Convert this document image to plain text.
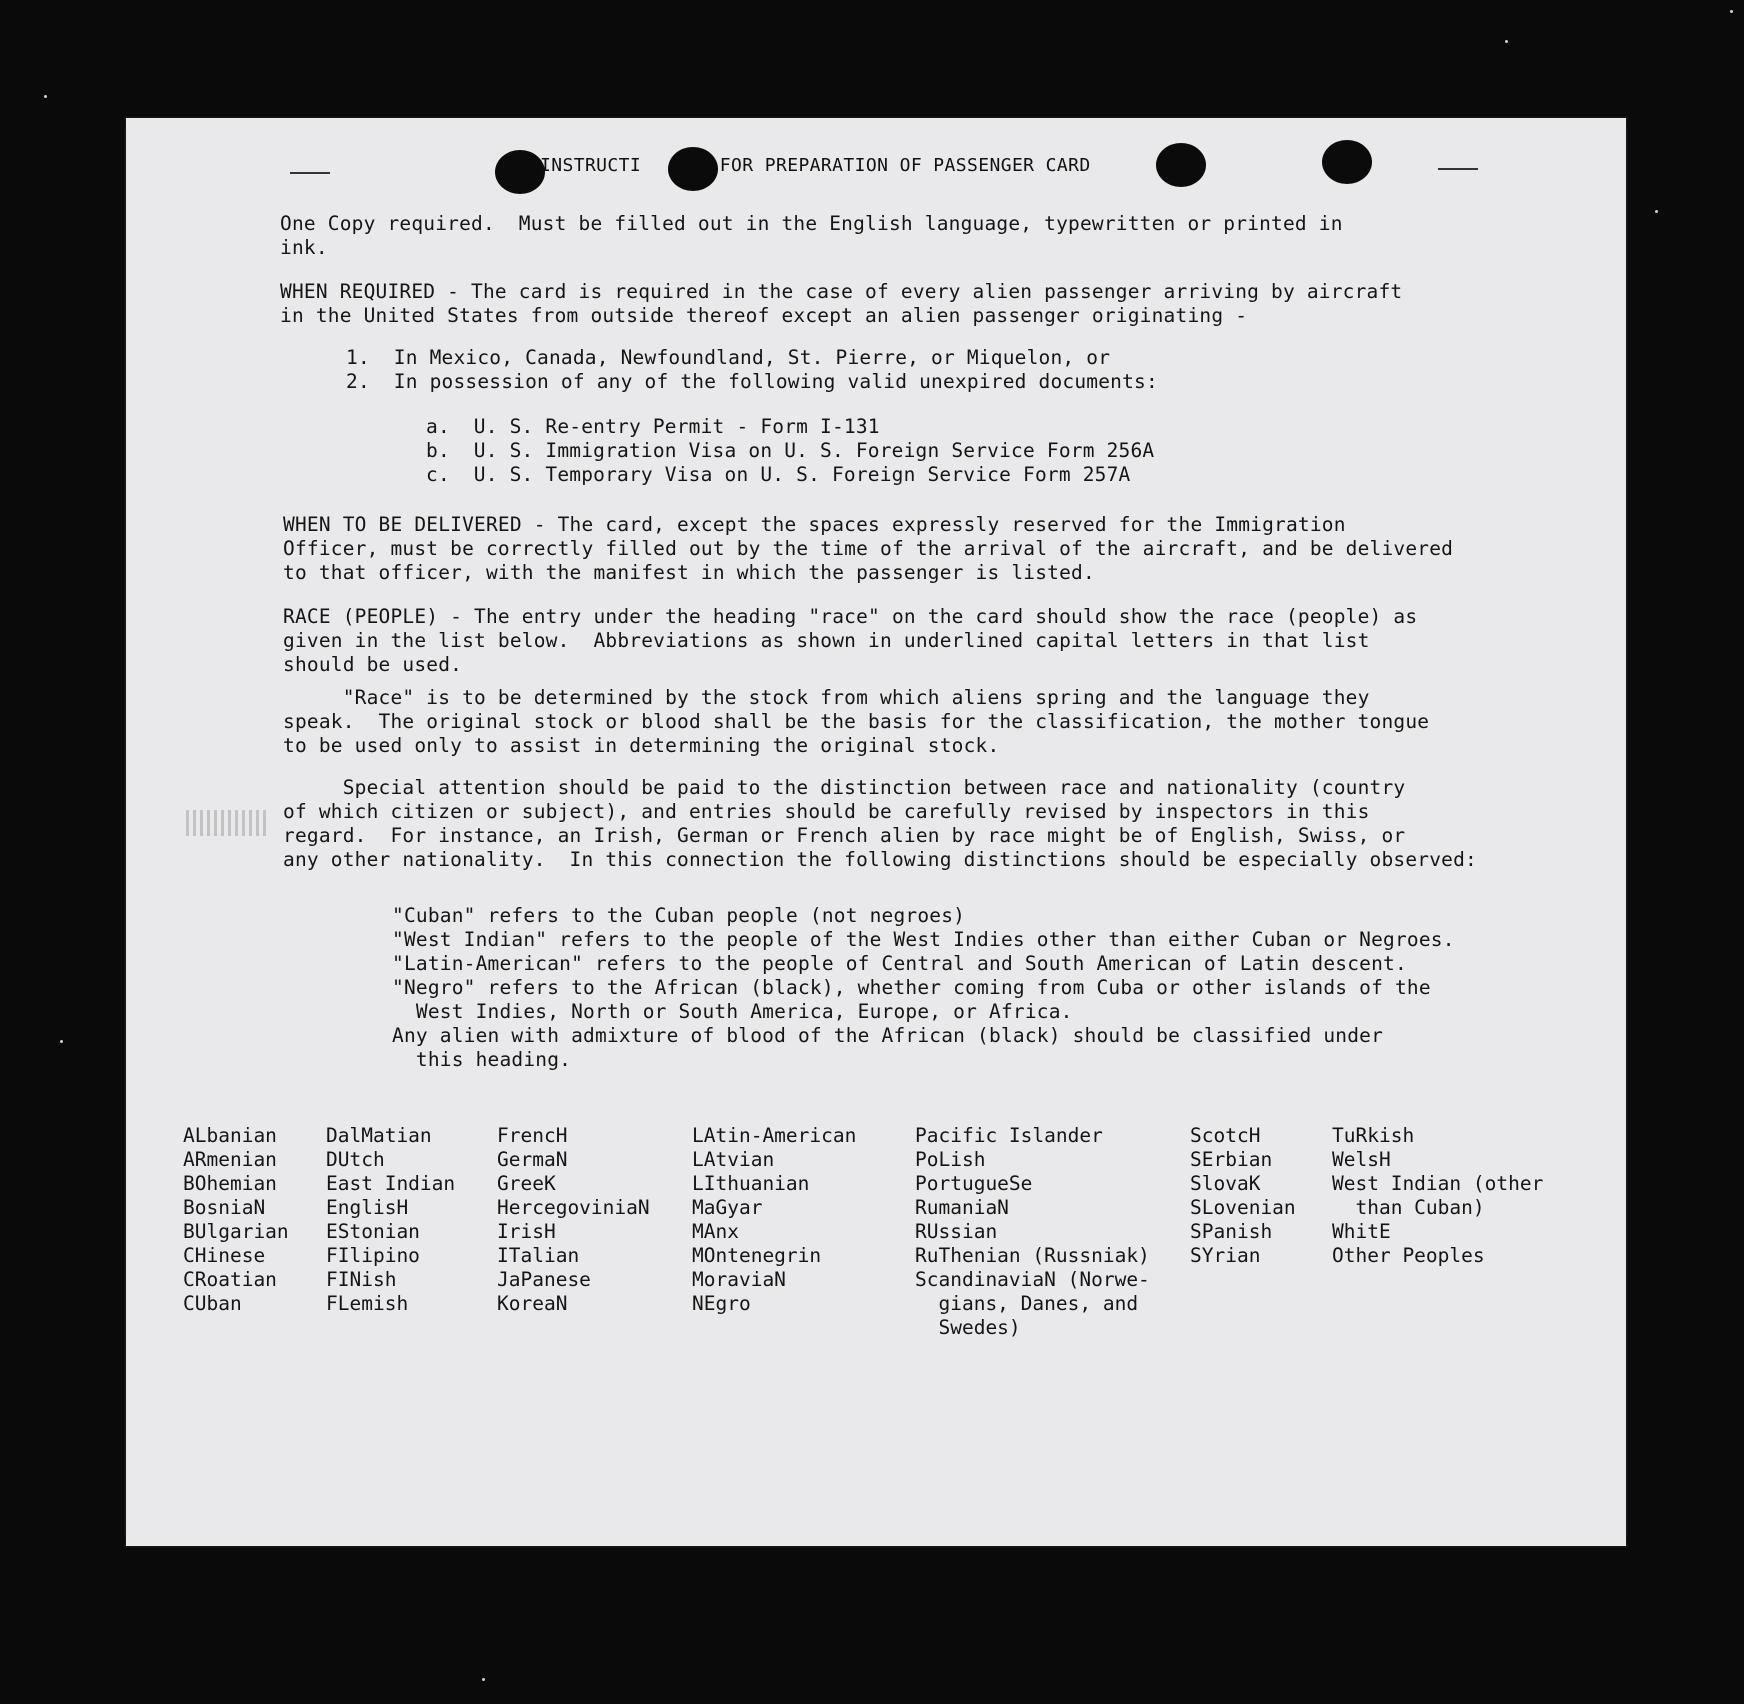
INSTRUCTI       FOR PREPARATION OF PASSENGER CARD
One Copy required.  Must be filled out in the English language, typewritten or printed in
ink.
WHEN REQUIRED - The card is required in the case of every alien passenger arriving by aircraft
in the United States from outside thereof except an alien passenger originating -
1.  In Mexico, Canada, Newfoundland, St. Pierre, or Miquelon, or
2.  In possession of any of the following valid unexpired documents:
a.  U. S. Re-entry Permit - Form I-131
b.  U. S. Immigration Visa on U. S. Foreign Service Form 256A
c.  U. S. Temporary Visa on U. S. Foreign Service Form 257A
WHEN TO BE DELIVERED - The card, except the spaces expressly reserved for the Immigration
Officer, must be correctly filled out by the time of the arrival of the aircraft, and be delivered
to that officer, with the manifest in which the passenger is listed.
RACE (PEOPLE) - The entry under the heading "race" on the card should show the race (people) as
given in the list below.  Abbreviations as shown in underlined capital letters in that list
should be used.
"Race" is to be determined by the stock from which aliens spring and the language they
speak.  The original stock or blood shall be the basis for the classification, the mother tongue
to be used only to assist in determining the original stock.
Special attention should be paid to the distinction between race and nationality (country
of which citizen or subject), and entries should be carefully revised by inspectors in this
regard.  For instance, an Irish, German or French alien by race might be of English, Swiss, or
any other nationality.  In this connection the following distinctions should be especially observed:
"Cuban" refers to the Cuban people (not negroes)
"West Indian" refers to the people of the West Indies other than either Cuban or Negroes.
"Latin-American" refers to the people of Central and South American of Latin descent.
"Negro" refers to the African (black), whether coming from Cuba or other islands of the
West Indies, North or South America, Europe, or Africa.
Any alien with admixture of blood of the African (black) should be classified under
this heading.
ALbanian
ARmenian
BOhemian
BosniaN
BUlgarian
CHinese
CRoatian
CUban
DalMatian
DUtch
East Indian
EnglisH
EStonian
FIlipino
FINish
FLemish
FrencH
GermaN
GreeK
HercegoviniaN
IrisH
ITalian
JaPanese
KoreaN
LAtin-American
LAtvian
LIthuanian
MaGyar
MAnx
MOntenegrin
MoraviaN
NEgro
Pacific Islander
PoLish
PortugueSe
RumaniaN
RUssian
RuThenian (Russniak)
ScandinaviaN (Norwe-
gians, Danes, and
Swedes)
ScotcH
SErbian
SlovaK
SLovenian
SPanish
SYrian
TuRkish
WelsH
West Indian (other
than Cuban)
WhitE
Other Peoples
